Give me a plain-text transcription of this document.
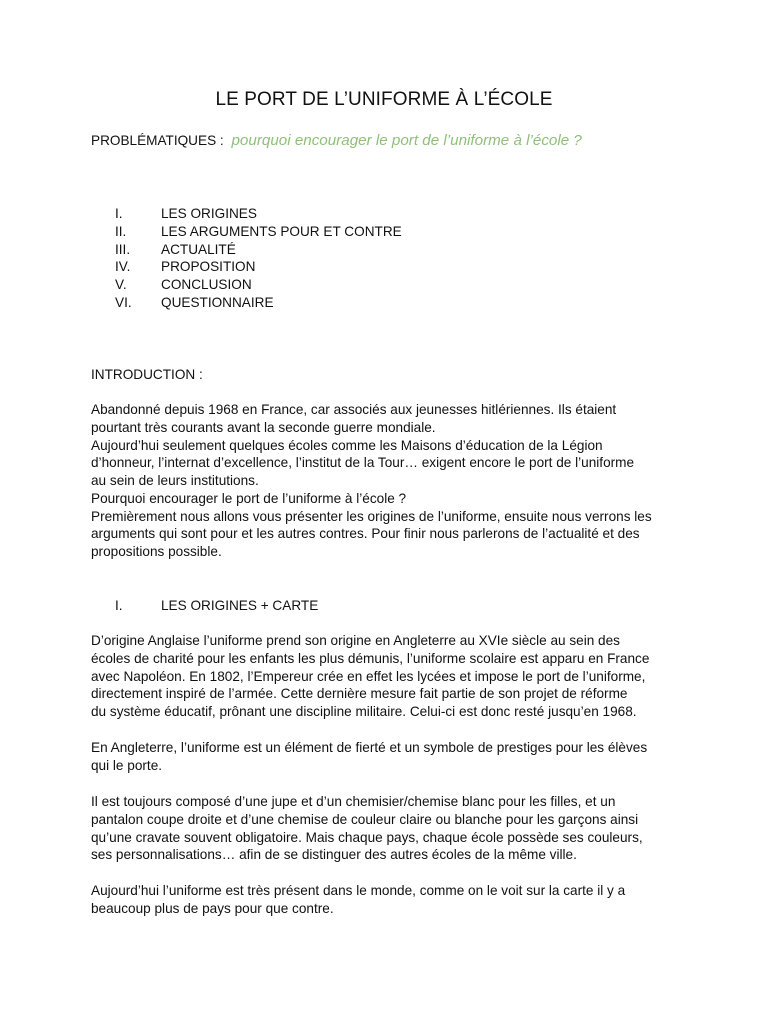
LE PORT DE L’UNIFORME À L’ÉCOLE
PROBLÉMATIQUES : pourquoi encourager le port de l’uniforme à l’école ?
I.	LES ORIGINES
II.	LES ARGUMENTS POUR ET CONTRE
III. ACTUALITÉ
IV. PROPOSITION
V.	CONCLUSION
VI. QUESTIONNAIRE

INTRODUCTION :

Abandonné depuis 1968 en France, car associés aux jeunesses hitlériennes. Ils étaient
pourtant très courants avant la seconde guerre mondiale.
Aujourd’hui seulement quelques écoles comme les Maisons d’éducation de la Légion
d’honneur, l’internat d’excellence, l’institut de la Tour… exigent encore le port de l’uniforme
au sein de leurs institutions.
Pourquoi encourager le port de l’uniforme à l’école ?
Premièrement nous allons vous présenter les origines de l’uniforme, ensuite nous verrons les
arguments qui sont pour et les autres contres. Pour finir nous parlerons de l’actualité et des
propositions possible.

I.	LES ORIGINES + CARTE

D’origine Anglaise l’uniforme prend son origine en Angleterre au XVIe siècle au sein des
écoles de charité pour les enfants les plus démunis, l’uniforme scolaire est apparu en France
avec Napoléon. En 1802, l’Empereur crée en effet les lycées et impose le port de l’uniforme,
directement inspiré de l’armée. Cette dernière mesure fait partie de son projet de réforme
du système éducatif, prônant une discipline militaire. Celui-ci est donc resté jusqu’en 1968.

En Angleterre, l’uniforme est un élément de fierté et un symbole de prestiges pour les élèves
qui le porte.

Il est toujours composé d’une jupe et d’un chemisier/chemise blanc pour les filles, et un
pantalon coupe droite et d’une chemise de couleur claire ou blanche pour les garçons ainsi
qu’une cravate souvent obligatoire. Mais chaque pays, chaque école possède ses couleurs,
ses personnalisations… afin de se distinguer des autres écoles de la même ville.

Aujourd’hui l’uniforme est très présent dans le monde, comme on le voit sur la carte il y a
beaucoup plus de pays pour que contre.
